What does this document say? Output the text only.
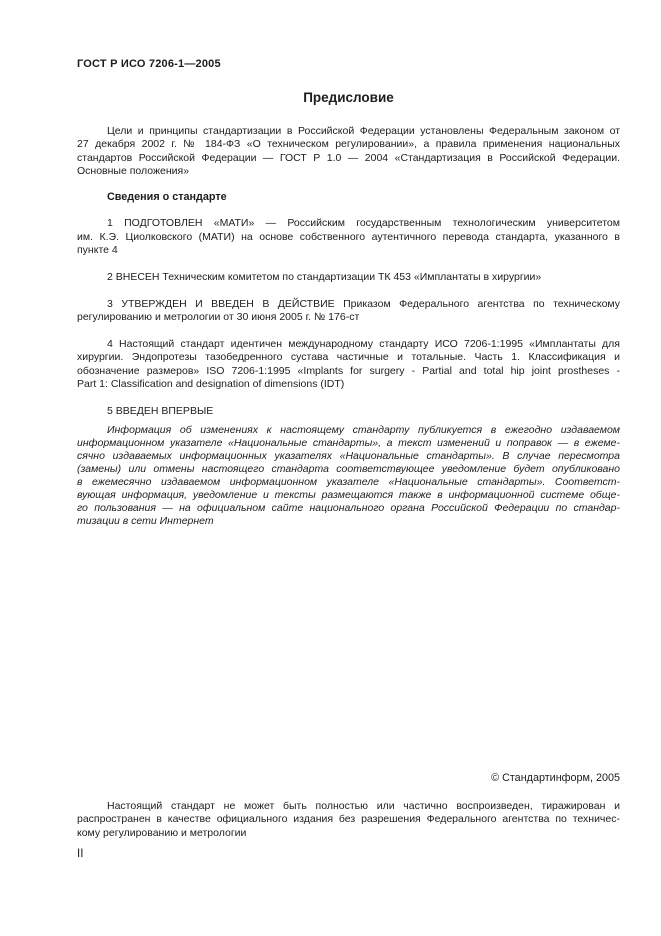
ГОСТ Р ИСО 7206-1—2005
Предисловие
Цели и принципы стандартизации в Российской Федерации установлены Федеральным законом от
27 декабря 2002 г. № 184-ФЗ «О техническом регулировании», а правила применения национальных
стандартов Российской Федерации — ГОСТ Р 1.0 — 2004 «Стандартизация в Российской Федерации.
Основные положения»
Сведения о стандарте
1 ПОДГОТОВЛЕН «МАТИ» — Российским государственным технологическим университетом
им. К.Э. Циолковского (МАТИ) на основе собственного аутентичного перевода стандарта, указанного в
пункте 4
2 ВНЕСЕН Техническим комитетом по стандартизации ТК 453 «Имплантаты в хирургии»
3 УТВЕРЖДЕН И ВВЕДЕН В ДЕЙСТВИЕ Приказом Федерального агентства по техническому
регулированию и метрологии от 30 июня 2005 г. № 176-ст
4 Настоящий стандарт идентичен международному стандарту ИСО 7206-1:1995 «Имплантаты для
хирургии. Эндопротезы тазобедренного сустава частичные и тотальные. Часть 1. Классификация и
обозначение размеров» ISO 7206-1:1995 «Implants for surgery - Partial and total hip joint prostheses -
Part 1: Classification and designation of dimensions (IDT)
5 ВВЕДЕН ВПЕРВЫЕ
Информация об изменениях к настоящему стандарту публикуется в ежегодно издаваемом
информационном указателе «Национальные стандарты», а текст изменений и поправок — в ежеме-
сячно издаваемых информационных указателях «Национальные стандарты». В случае пересмотра
(замены) или отмены настоящего стандарта соответствующее уведомление будет опубликовано
в ежемесячно издаваемом информационном указателе «Национальные стандарты». Соответст-
вующая информация, уведомление и тексты размещаются также в информационной системе обще-
го пользования — на официальном сайте национального органа Российской Федерации по стандар-
тизации в сети Интернет
© Стандартинформ, 2005
Настоящий стандарт не может быть полностью или частично воспроизведен, тиражирован и
распространен в качестве официального издания без разрешения Федерального агентства по техничес-
кому регулированию и метрологии
II
